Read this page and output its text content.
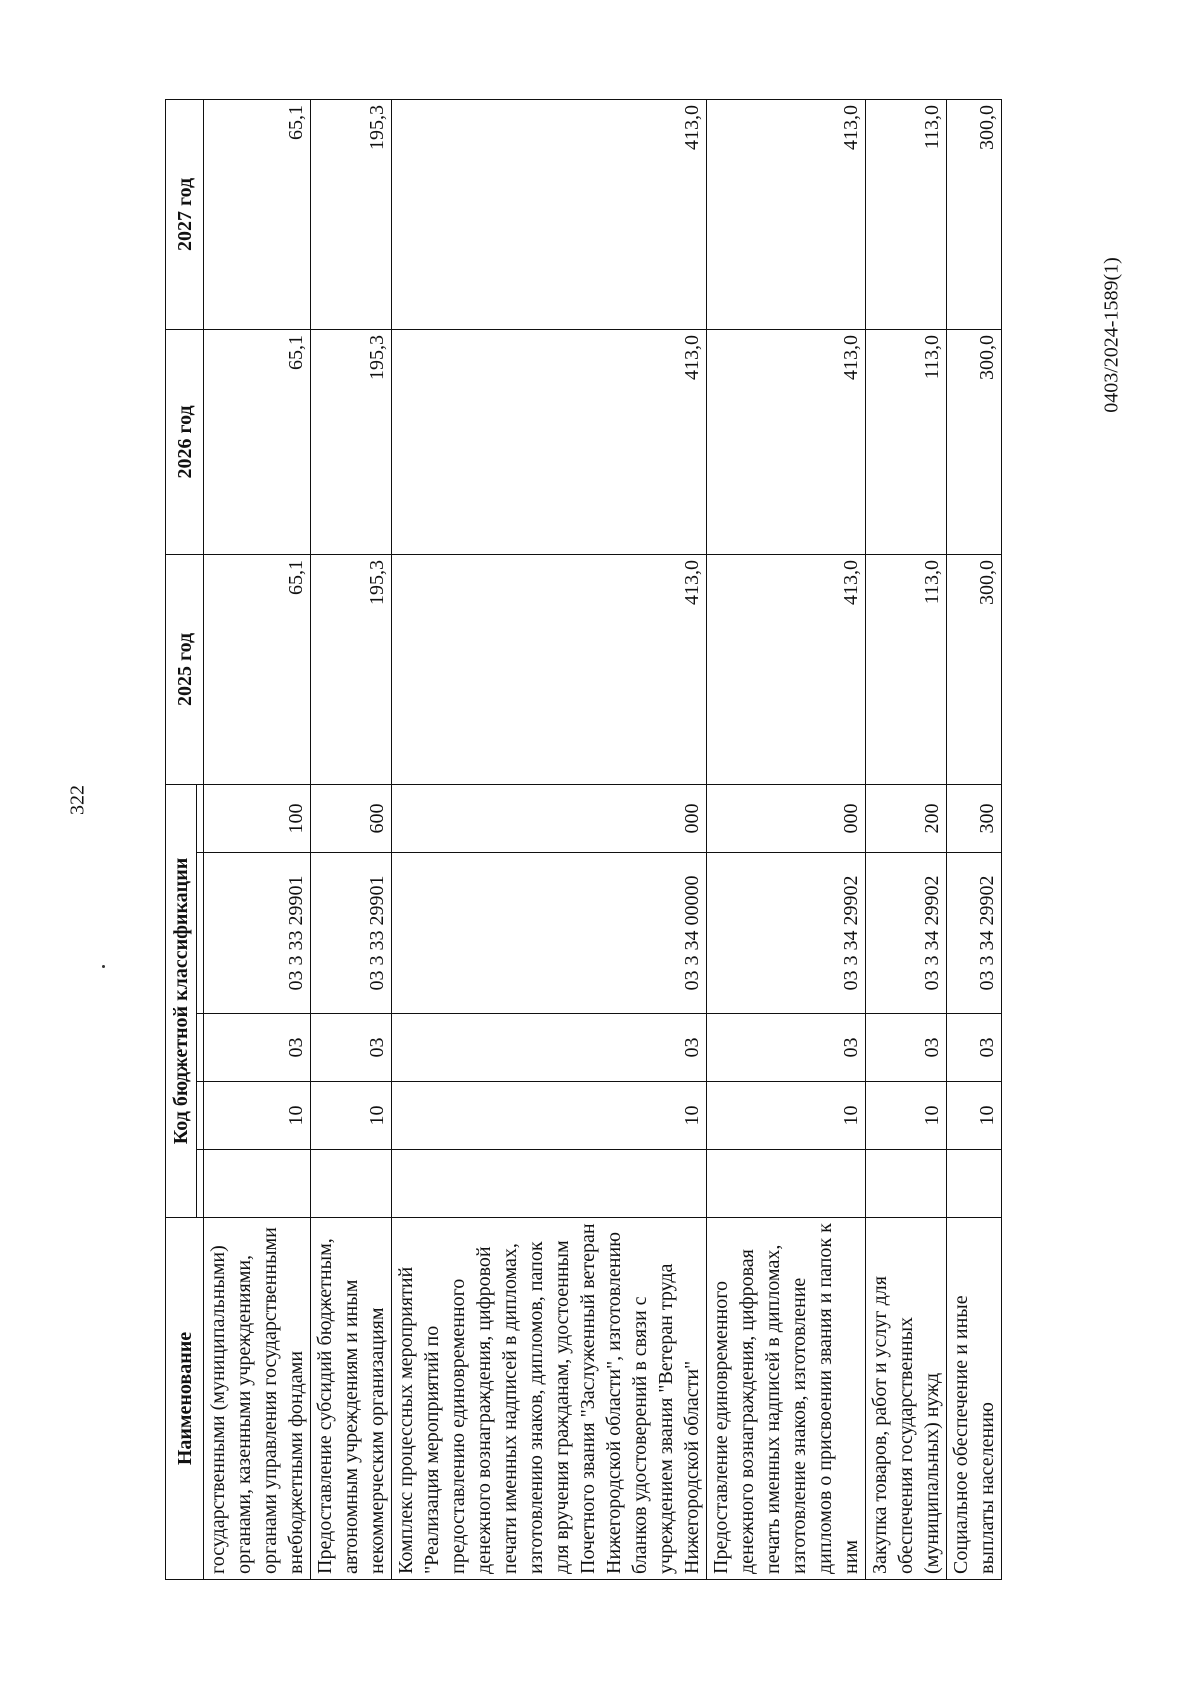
322
0403/2024-1589(1)
Наименование	Код бюджетной классификации					2025 год	2026 год	2027 год

государственными (муниципальными) органами, казенными учреждениями, органами управления государственными внебюджетными фондами		10	03	03 3 33 29901	100	65,1	65,1	65,1
Предоставление субсидий бюджетным, автономным учреждениям и иным некоммерческим организациям		10	03	03 3 33 29901	600	195,3	195,3	195,3
Комплекс процессных мероприятий "Реализация мероприятий по предоставлению единовременного денежного вознаграждения, цифровой печати именных надписей в дипломах, изготовлению знаков, дипломов, папок для вручения гражданам, удостоенным Почетного звания "Заслуженный ветеран Нижегородской области", изготовлению бланков удостоверений в связи с учреждением звания "Ветеран труда Нижегородской области"		10	03	03 3 34 00000	000	413,0	413,0	413,0
Предоставление единовременного денежного вознаграждения, цифровая печать именных надписей в дипломах, изготовление знаков, изготовление дипломов о присвоении звания и папок к ним		10	03	03 3 34 29902	000	413,0	413,0	413,0
Закупка товаров, работ и услуг для обеспечения государственных (муниципальных) нужд		10	03	03 3 34 29902	200	113,0	113,0	113,0
Социальное обеспечение и иные выплаты населению		10	03	03 3 34 29902	300	300,0	300,0	300,0
